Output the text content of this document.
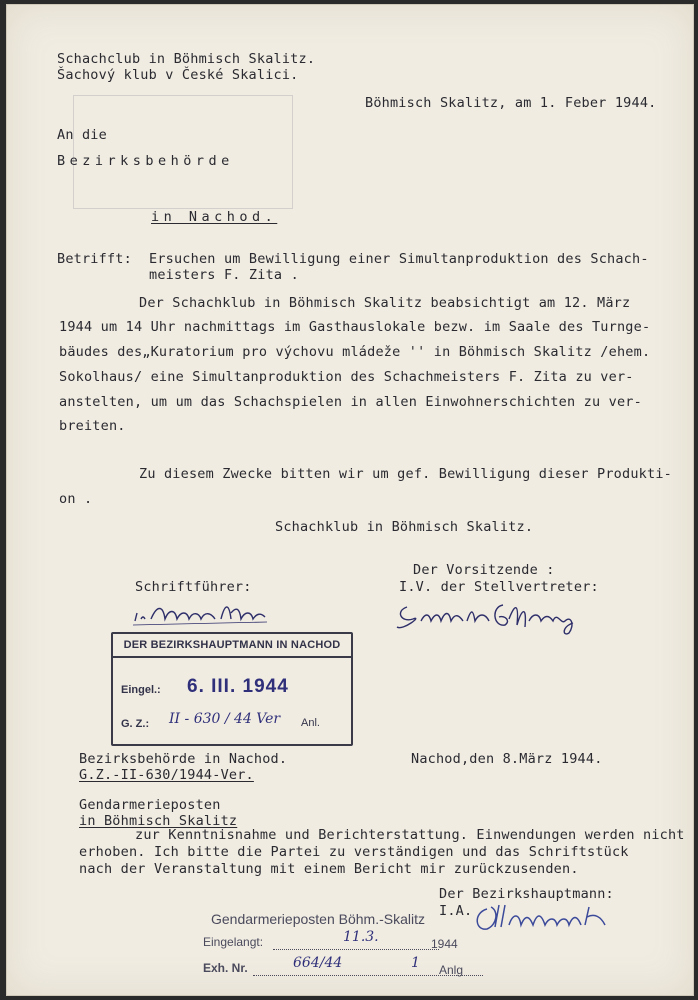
Schachclub in Böhmisch Skalitz.

Šachový klub v České Skalici.

Böhmisch Skalitz, am 1. Feber 1944.

An die

Bezirksbehörde

in Nachod.

Betrifft: Ersuchen um Bewilligung einer Simultanproduktion des Schach-

meisters F. Zita .

Der Schachklub in Böhmisch Skalitz beabsichtigt am 12. März

1944 um 14 Uhr nachmittags im Gasthauslokale bezw. im Saale des Turnge-

bäudes des„Kuratorium pro výchovu mládeže '' in Böhmisch Skalitz /ehem.

Sokolhaus/ eine Simultanproduktion des Schachmeisters F. Zita zu ver-

anstelten, um um das Schachspielen in allen Einwohnerschichten zu ver-

breiten.

Zu diesem Zwecke bitten wir um gef. Bewilligung dieser Produkti-

on .

Schachklub in Böhmisch Skalitz.

Der Vorsitzende :

I.V. der Stellvertreter:

Schriftführer:

DER BEZIRKSHAUPTMANN IN NACHOD
Eingel.: 6. III. 1944
G. Z.: II - 630 / 44 Ver Anl.

Bezirksbehörde in Nachod.

G.Z.-II-630/1944-Ver.

Nachod,den 8.März 1944.

Gendarmerieposten

in Böhmisch Skalitz

zur Kenntnisnahme und Berichterstattung. Einwendungen werden nicht

erhoben. Ich bitte die Partei zu verständigen und das Schriftstück

nach der Veranstaltung mit einem Bericht mir zurückzusenden.

Der Bezirkshauptmann:

I.A.

Gendarmerieposten Böhm.-Skalitz

Eingelangt:	11.3.	1944

Exh. Nr.	664/44	1 Anlg
